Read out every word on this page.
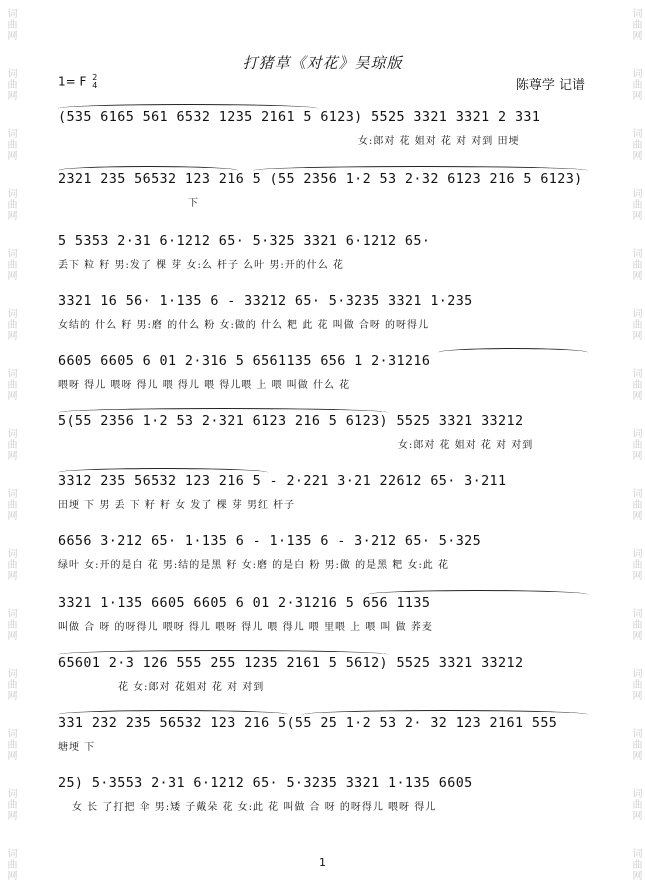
词曲网
词曲网
词曲网
词曲网
词曲网
词曲网
词曲网
词曲网
词曲网
词曲网
词曲网
词曲网
词曲网
词曲网
词曲网
词曲网
词曲网
词曲网
词曲网
词曲网
词曲网
词曲网
词曲网
词曲网
词曲网
词曲网
词曲网
词曲网
词曲网
词曲网
打猪草《对花》吴琼版
1= F 2
4	陈尊学 记谱
(535 6165 561 6532 1235 2161 5 6123) 5525 3321 3321 2 331
女:郎对 花 姐对 花 对 对到 田埂
2321 235 56532 123 216 5 (55 2356 1·2 53 2·32 6123 216 5 6123)
下
5 5353 2·31 6·1212 65· 5·325 3321 6·1212 65·
丢下 粒 籽 男:发了 棵 芽 女:么 杆子 么叶 男:开的什么 花
3321 16 56· 1·135 6 - 33212 65· 5·3235 3321 1·235
女结的 什么 籽 男:磨 的什么 粉 女:做的 什么 粑 此 花 叫做 合呀 的呀得儿
6605 6605 6 01 2·316 5 6561135 656 1 2·31216
喂呀 得儿 喂呀 得儿 喂 得儿 喂 得儿喂 上 喂 叫做 什么 花
5(55 2356 1·2 53 2·321 6123 216 5 6123) 5525 3321 33212
女:郎对 花 姐对 花 对 对到
3312 235 56532 123 216 5 - 2·221 3·21 22612 65· 3·211
田埂 下 男 丢 下 籽 籽 女 发了 棵 芽 男红 杆子
6656 3·212 65· 1·135 6 - 1·135 6 - 3·212 65· 5·325
绿叶 女:开的是白 花 男:结的是黑 籽 女:磨 的是白 粉 男:做 的是黑 粑 女:此 花
3321 1·135 6605 6605 6 01 2·31216 5 656 1135
叫做 合 呀 的呀得儿 喂呀 得儿 喂呀 得儿 喂 得儿 喂 里喂 上 喂 叫 做 荞麦
65601 2·3 126 555 255 1235 2161 5 5612) 5525 3321 33212
花 女:郎对 花姐对 花 对 对到
331 232 235 56532 123 216 5(55 25 1·2 53 2· 32 123 2161 555
塘埂 下
25) 5·3553 2·31 6·1212 65· 5·3235 3321 1·135 6605
女 长 了打把 伞 男:矮 子戴朵 花 女:此 花 叫做 合 呀 的呀得儿 喂呀 得儿
1
